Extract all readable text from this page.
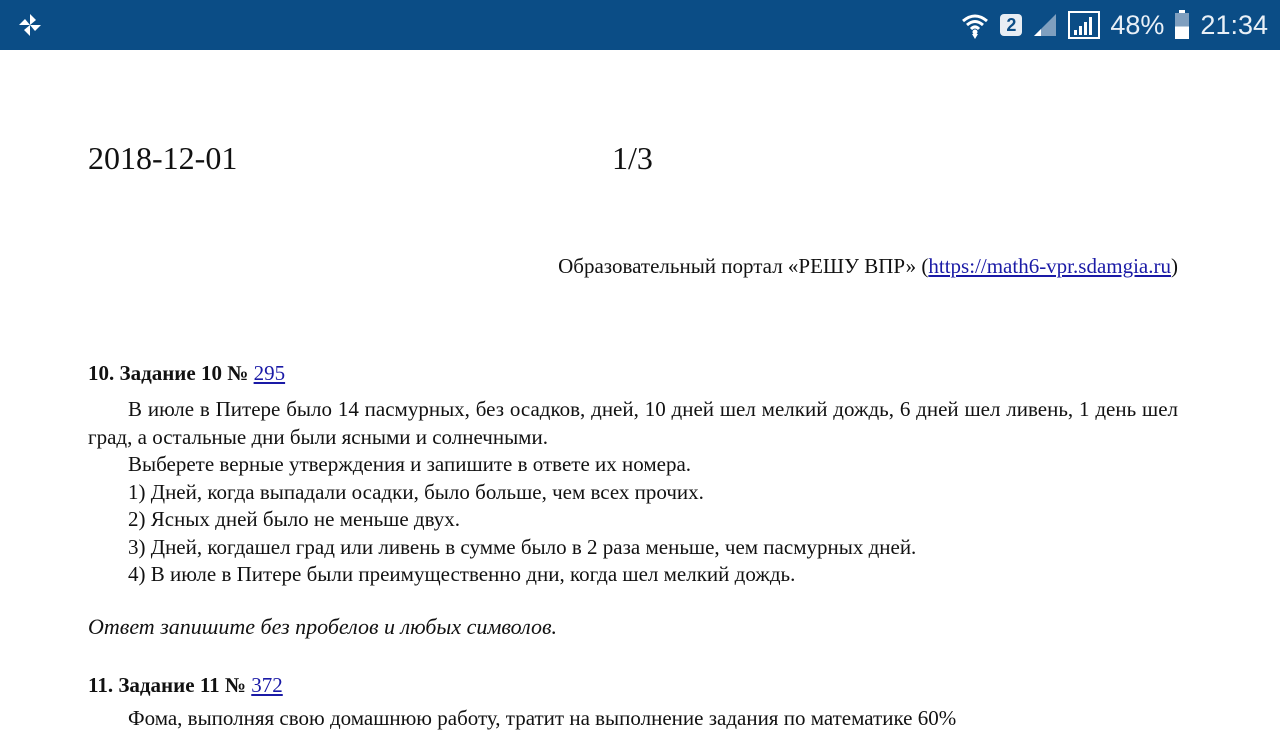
2	48% 21:34
2018-12-01	1/3
Образовательный портал «РЕШУ ВПР» (https://math6-vpr.sdamgia.ru)
10. Задание 10 № 295

В июле в Питере было 14 пасмурных, без осадков, дней, 10 дней шел мелкий дождь, 6 дней шел ливень, 1 день шел град, а остальные дни были ясными и солнечными.

Выберете верные утверждения и запишите в ответе их номера.

1) Дней, когда выпадали осадки, было больше, чем всех прочих.
2) Ясных дней было не меньше двух.
3) Дней, когдашел град или ливень в сумме было в 2 раза меньше, чем пасмурных дней.
4) В июле в Питере были преимущественно дни, когда шел мелкий дождь.
Ответ запишите без пробелов и любых символов.
11. Задание 11 № 372
Фома, выполняя свою домашнюю работу, тратит на выполнение задания по математике 60%
